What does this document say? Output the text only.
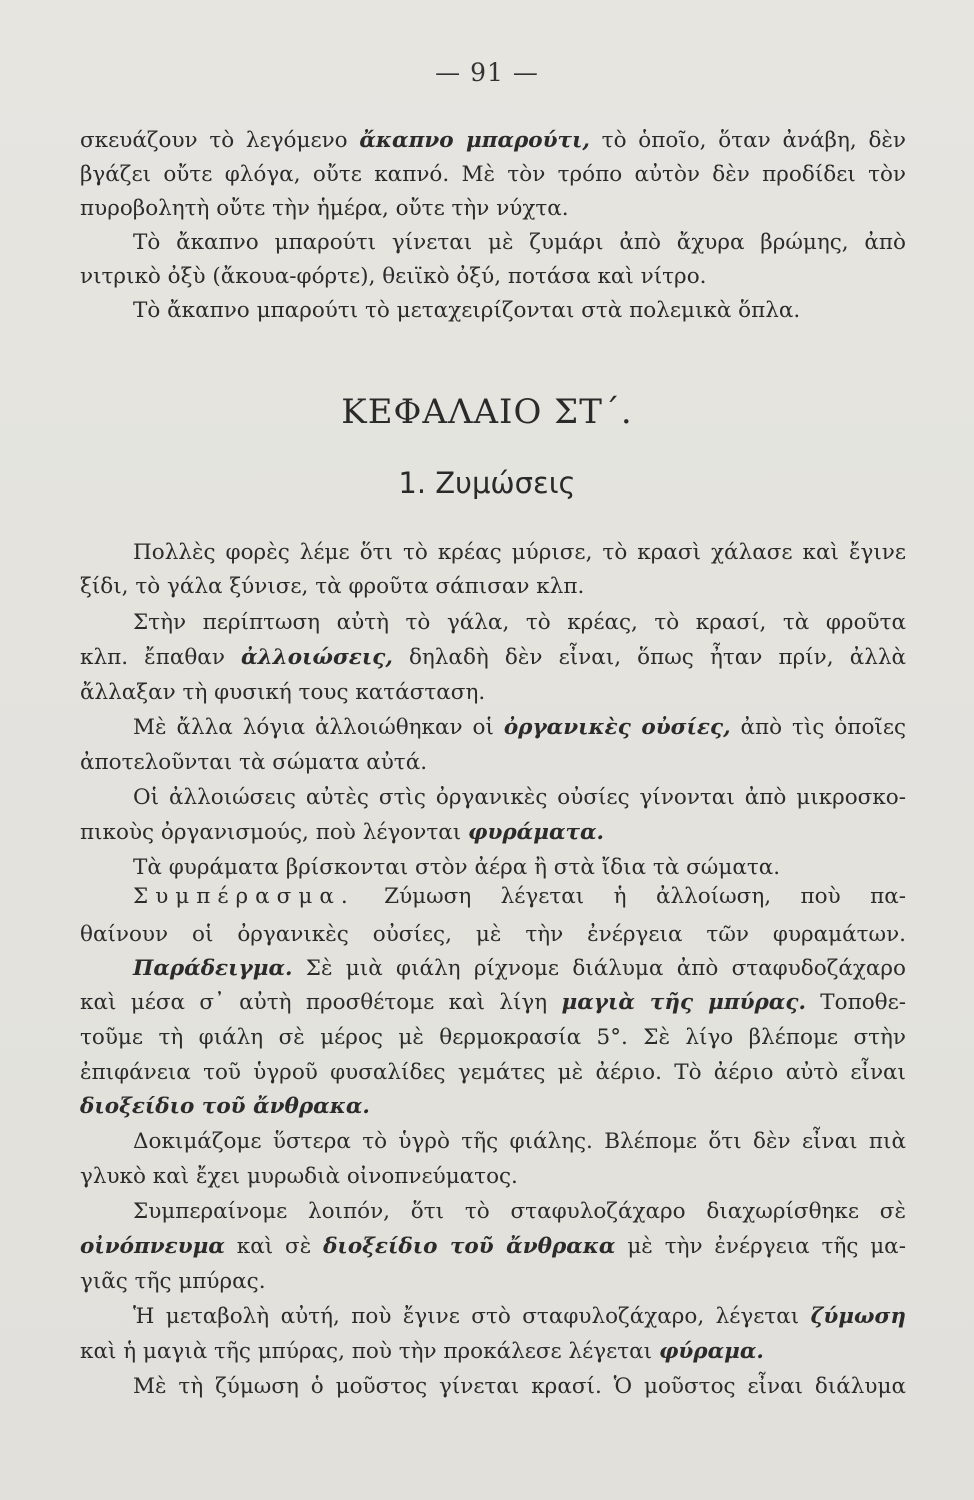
— 91 —
σκευάζουν τὸ λεγόμενο ἄκαπνο μπαρούτι, τὸ ὁποῖο, ὅταν ἀνάβη, δὲν
βγάζει οὔτε φλόγα, οὔτε καπνό. Μὲ τὸν τρόπο αὐτὸν δὲν προδίδει τὸν
πυροβολητὴ οὔτε τὴν ἡμέρα, οὔτε τὴν νύχτα.
Τὸ ἄκαπνο μπαρούτι γίνεται μὲ ζυμάρι ἀπὸ ἄχυρα βρώμης, ἀπὸ
νιτρικὸ ὀξὺ (ἄκουα-φόρτε), θειϊκὸ ὀξύ, ποτάσα καὶ νίτρο.
Τὸ ἄκαπνο μπαρούτι τὸ μεταχειρίζονται στὰ πολεμικὰ ὅπλα.
ΚΕΦΑΛΑΙΟ ΣΤ΄.
1. Ζυμώσεις
Πολλὲς φορὲς λέμε ὅτι τὸ κρέας μύρισε, τὸ κρασὶ χάλασε καὶ ἔγινε
ξίδι, τὸ γάλα ξύνισε, τὰ φροῦτα σάπισαν κλπ.
Στὴν περίπτωση αὐτὴ τὸ γάλα, τὸ κρέας, τὸ κρασί, τὰ φροῦτα
κλπ. ἔπαθαν ἀλλοιώσεις, δηλαδὴ δὲν εἶναι, ὅπως ἦταν πρίν, ἀλλὰ
ἄλλαξαν τὴ φυσική τους κατάσταση.
Μὲ ἄλλα λόγια ἀλλοιώθηκαν οἱ ὀργανικὲς οὐσίες, ἀπὸ τὶς ὁποῖες
ἀποτελοῦνται τὰ σώματα αὐτά.
Οἱ ἀλλοιώσεις αὐτὲς στὶς ὀργανικὲς οὐσίες γίνονται ἀπὸ μικροσκο-
πικοὺς ὀργανισμούς, ποὺ λέγονται φυράματα.
Τὰ φυράματα βρίσκονται στὸν ἀέρα ἢ στὰ ἴδια τὰ σώματα.
Συμπέρασμα. Ζύμωση λέγεται ἡ ἀλλοίωση, ποὺ πα-
θαίνουν οἱ ὀργανικὲς οὐσίες, μὲ τὴν ἐνέργεια τῶν φυραμάτων.
Παράδειγμα. Σὲ μιὰ φιάλη ρίχνομε διάλυμα ἀπὸ σταφυδοζάχαρο
καὶ μέσα σ᾿ αὐτὴ προσθέτομε καὶ λίγη μαγιὰ τῆς μπύρας. Τοποθε-
τοῦμε τὴ φιάλη σὲ μέρος μὲ θερμοκρασία 5°. Σὲ λίγο βλέπομε στὴν
ἐπιφάνεια τοῦ ὑγροῦ φυσαλίδες γεμάτες μὲ ἀέριο. Τὸ ἀέριο αὐτὸ εἶναι
διοξείδιο τοῦ ἄνθρακα.
Δοκιμάζομε ὕστερα τὸ ὑγρὸ τῆς φιάλης. Βλέπομε ὅτι δὲν εἶναι πιὰ
γλυκὸ καὶ ἔχει μυρωδιὰ οἰνοπνεύματος.
Συμπεραίνομε λοιπόν, ὅτι τὸ σταφυλοζάχαρο διαχωρίσθηκε σὲ
οἰνόπνευμα καὶ σὲ διοξείδιο τοῦ ἄνθρακα μὲ τὴν ἐνέργεια τῆς μα-
γιᾶς τῆς μπύρας.
Ἡ μεταβολὴ αὐτή, ποὺ ἔγινε στὸ σταφυλοζάχαρο, λέγεται ζύμωση
καὶ ἡ μαγιὰ τῆς μπύρας, ποὺ τὴν προκάλεσε λέγεται φύραμα.
Μὲ τὴ ζύμωση ὁ μοῦστος γίνεται κρασί. Ὁ μοῦστος εἶναι διάλυμα
